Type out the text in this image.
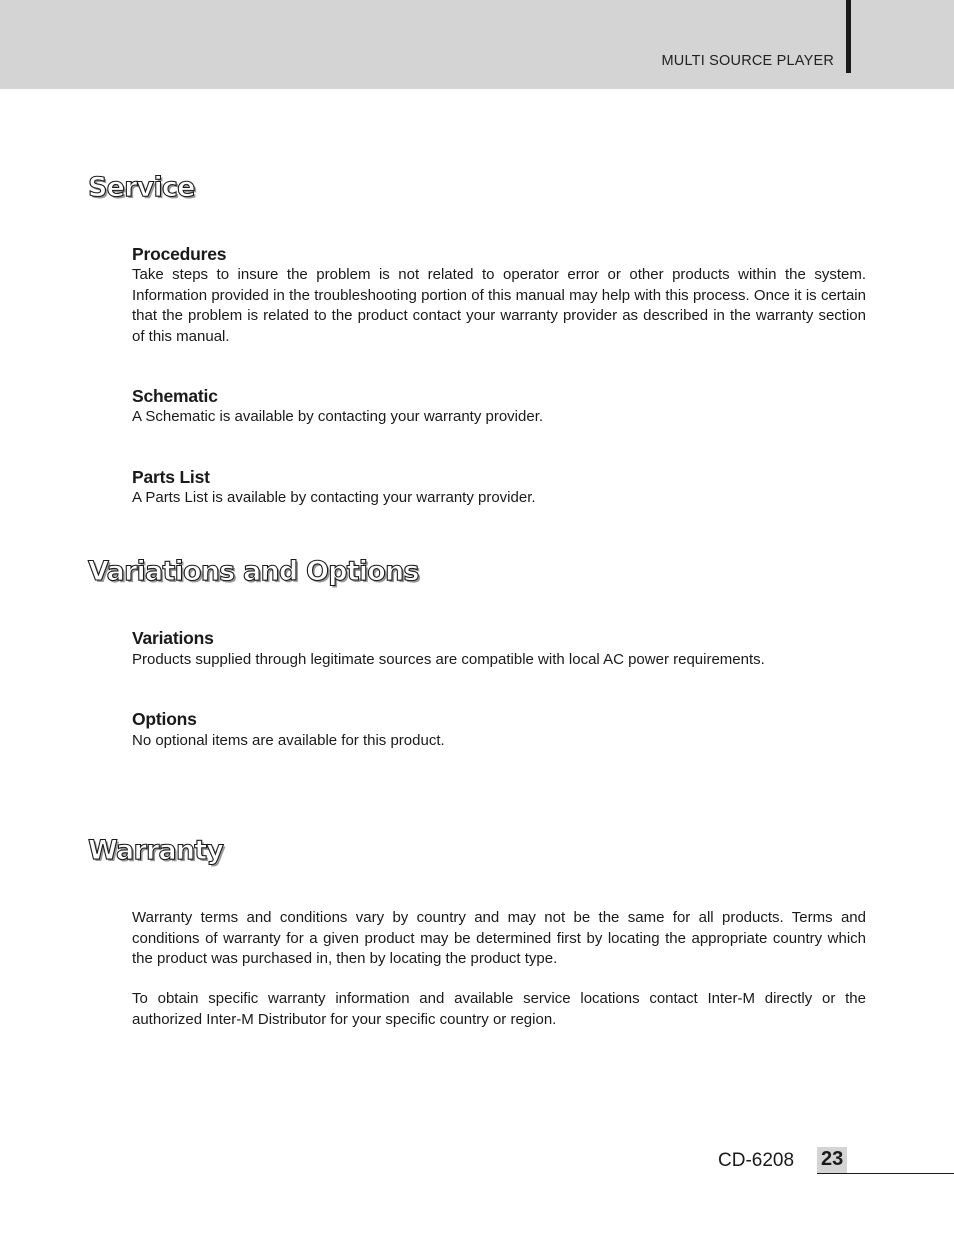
MULTI SOURCE PLAYER
Service
Procedures
Take steps to insure the problem is not related to operator error or other products within the system. Information provided in the troubleshooting portion of this manual may help with this process. Once it is certain that the problem is related to the product contact your warranty provider as described in the warranty section of this manual.
Schematic
A Schematic is available by contacting your warranty provider.
Parts List
A Parts List is available by contacting your warranty provider.
Variations and Options
Variations
Products supplied through legitimate sources are compatible with local AC power requirements.
Options
No optional items are available for this product.
Warranty
Warranty terms and conditions vary by country and may not be the same for all products. Terms and conditions of warranty for a given product may be determined first by locating the appropriate country which the product was purchased in, then by locating the product type.
To obtain specific warranty information and available service locations contact Inter-M directly or the authorized Inter-M Distributor for your specific country or region.
CD-6208 23
